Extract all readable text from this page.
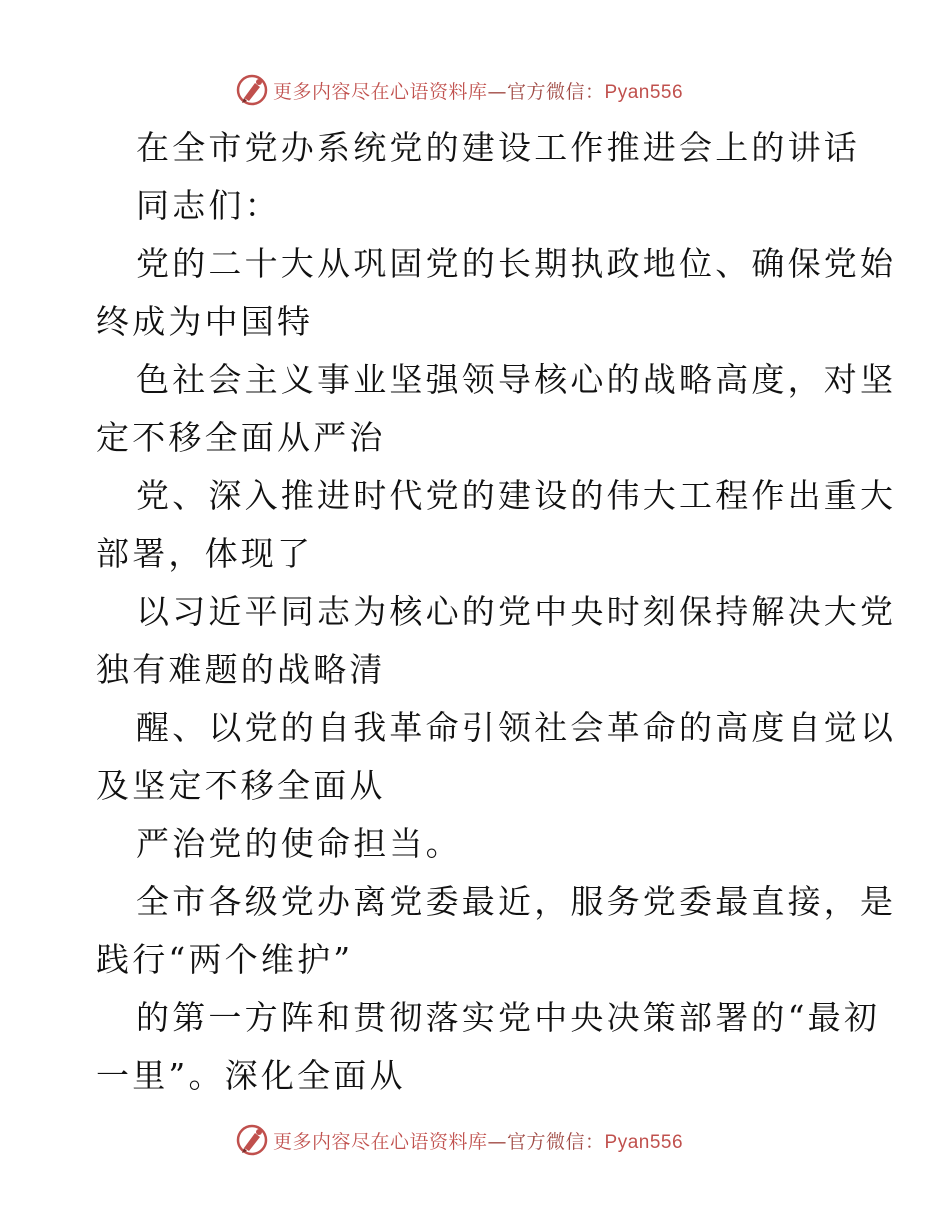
更多内容尽在心语资料库—官方微信：Pyan556
在全市党办系统党的建设工作推进会上的讲话
同志们：
党的二十大从巩固党的长期执政地位、确保党始
终成为中国特
色社会主义事业坚强领导核心的战略高度，对坚
定不移全面从严治
党、深入推进时代党的建设的伟大工程作出重大
部署，体现了
以习近平同志为核心的党中央时刻保持解决大党
独有难题的战略清
醒、以党的自我革命引领社会革命的高度自觉以
及坚定不移全面从
严治党的使命担当。
全市各级党办离党委最近，服务党委最直接，是
践行“两个维护”
的第一方阵和贯彻落实党中央决策部署的“最初
一里”。深化全面从
更多内容尽在心语资料库—官方微信：Pyan556
